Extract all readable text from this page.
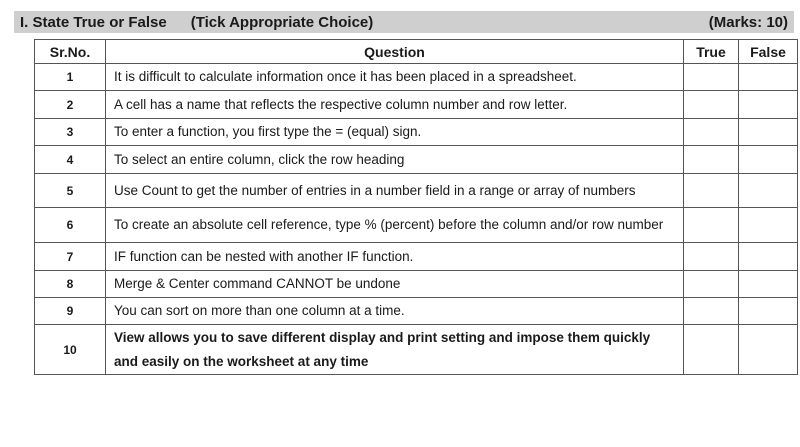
I. State True or False (Tick Appropriate Choice)	(Marks: 10)
Sr.No.	Question	True	False
1	It is difficult to calculate information once it has been placed in a spreadsheet.		
2	A cell has a name that reflects the respective column number and row letter.		
3	To enter a function, you first type the = (equal) sign.		
4	To select an entire column, click the row heading		
5	Use Count to get the number of entries in a number field in a range or array of numbers		
6	To create an absolute cell reference, type % (percent) before the column and/or row number		
7	IF function can be nested with another IF function.		
8	Merge & Center command CANNOT be undone		
9	You can sort on more than one column at a time.		
10	View allows you to save different display and print setting and impose them quickly and easily on the worksheet at any time		
